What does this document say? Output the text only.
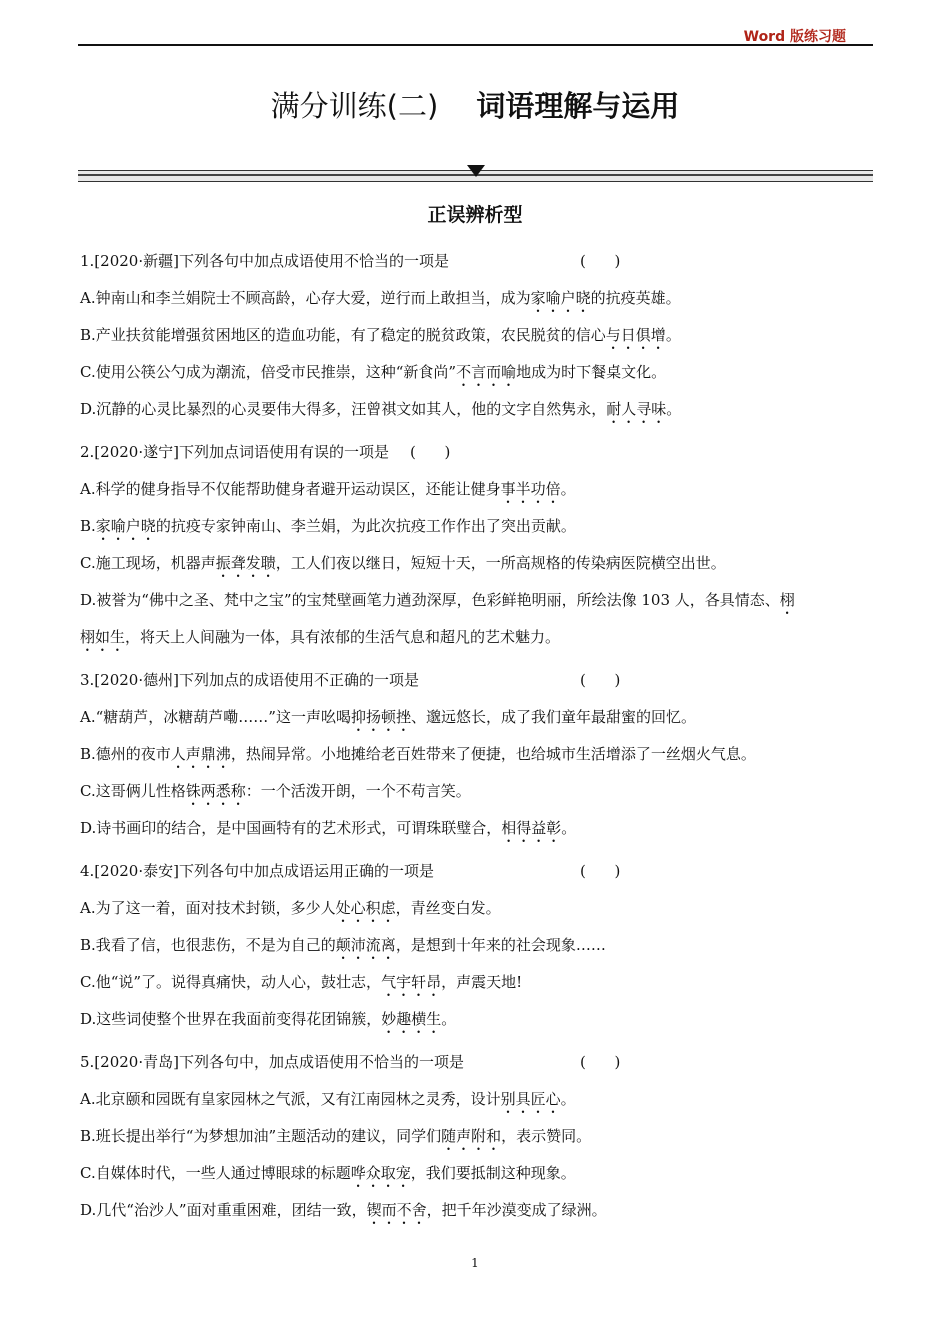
Word 版练习题
满分训练(二) 词语理解与运用
正误辨析型
1.[2020·新疆]下列各句中加点成语使用不恰当的一项是	(      )
A.钟南山和李兰娟院士不顾高龄，心存大爱，逆行而上敢担当，成为家喻户晓的抗疫英雄。
B.产业扶贫能增强贫困地区的造血功能，有了稳定的脱贫政策，农民脱贫的信心与日俱增。
C.使用公筷公勺成为潮流，倍受市民推崇，这种“新食尚”不言而喻地成为时下餐桌文化。
D.沉静的心灵比暴烈的心灵要伟大得多，汪曾祺文如其人，他的文字自然隽永，耐人寻味。
2.[2020·遂宁]下列加点词语使用有误的一项是 (      )
A.科学的健身指导不仅能帮助健身者避开运动误区，还能让健身事半功倍。
B.家喻户晓的抗疫专家钟南山、李兰娟，为此次抗疫工作作出了突出贡献。
C.施工现场，机器声振聋发聩，工人们夜以继日，短短十天，一所高规格的传染病医院横空出世。
D.被誉为“佛中之圣、梵中之宝”的宝梵壁画笔力遒劲深厚，色彩鲜艳明丽，所绘法像 103 人，各具情态、栩
栩如生，将天上人间融为一体，具有浓郁的生活气息和超凡的艺术魅力。
3.[2020·德州]下列加点的成语使用不正确的一项是	(      )
A.“糖葫芦，冰糖葫芦嘞……”这一声吆喝抑扬顿挫、邈远悠长，成了我们童年最甜蜜的回忆。
B.德州的夜市人声鼎沸，热闹异常。小地摊给老百姓带来了便捷，也给城市生活增添了一丝烟火气息。
C.这哥俩儿性格铢两悉称：一个活泼开朗，一个不苟言笑。
D.诗书画印的结合，是中国画特有的艺术形式，可谓珠联璧合，相得益彰。
4.[2020·泰安]下列各句中加点成语运用正确的一项是	(      )
A.为了这一着，面对技术封锁，多少人处心积虑，青丝变白发。
B.我看了信，也很悲伤，不是为自己的颠沛流离，是想到十年来的社会现象……
C.他“说”了。说得真痛快，动人心，鼓壮志，气宇轩昂，声震天地!
D.这些词使整个世界在我面前变得花团锦簇，妙趣横生。
5.[2020·青岛]下列各句中，加点成语使用不恰当的一项是	(      )
A.北京颐和园既有皇家园林之气派，又有江南园林之灵秀，设计别具匠心。
B.班长提出举行“为梦想加油”主题活动的建议，同学们随声附和，表示赞同。
C.自媒体时代，一些人通过博眼球的标题哗众取宠，我们要抵制这种现象。
D.几代“治沙人”面对重重困难，团结一致，锲而不舍，把千年沙漠变成了绿洲。
1
